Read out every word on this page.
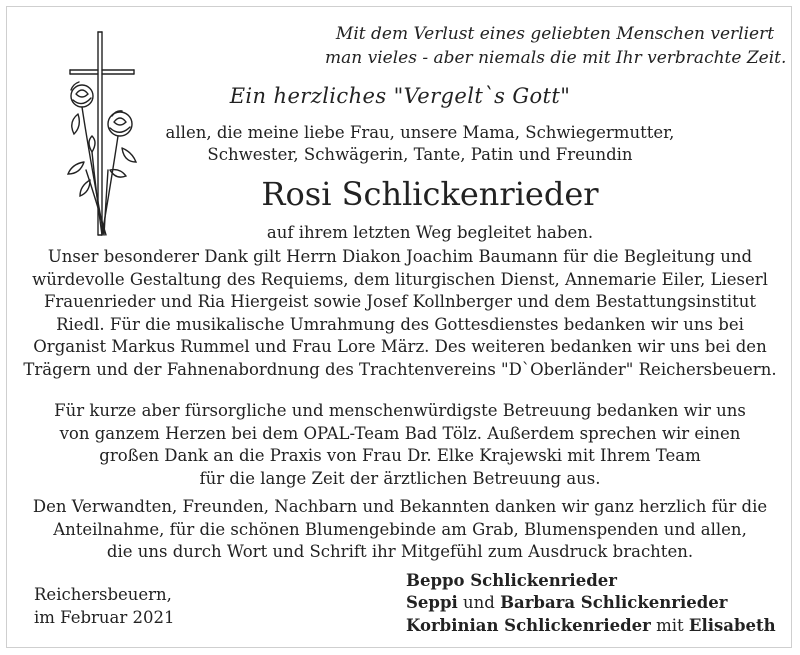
Mit dem Verlust eines geliebten Menschen verliert
man vieles - aber niemals die mit Ihr verbrachte Zeit.
Ein herzliches "Vergelt`s Gott"
allen, die meine liebe Frau, unsere Mama, Schwiegermutter,
Schwester, Schwägerin, Tante, Patin und Freundin
Rosi Schlickenrieder
auf ihrem letzten Weg begleitet haben.
Unser besonderer Dank gilt Herrn Diakon Joachim Baumann für die Begleitung und
würdevolle Gestaltung des Requiems, dem liturgischen Dienst, Annemarie Eiler, Lieserl
Frauenrieder und Ria Hiergeist sowie Josef Kollnberger und dem Bestattungsinstitut
Riedl. Für die musikalische Umrahmung des Gottesdienstes bedanken wir uns bei
Organist Markus Rummel und Frau Lore März. Des weiteren bedanken wir uns bei den
Trägern und der Fahnenabordnung des Trachtenvereins "D`Oberländer" Reichersbeuern.
Für kurze aber fürsorgliche und menschenwürdigste Betreuung bedanken wir uns
von ganzem Herzen bei dem OPAL-Team Bad Tölz. Außerdem sprechen wir einen
großen Dank an die Praxis von Frau Dr. Elke Krajewski mit Ihrem Team
für die lange Zeit der ärztlichen Betreuung aus.
Den Verwandten, Freunden, Nachbarn und Bekannten danken wir ganz herzlich für die
Anteilnahme, für die schönen Blumengebinde am Grab, Blumenspenden und allen,
die uns durch Wort und Schrift ihr Mitgefühl zum Ausdruck brachten.
Reichersbeuern,
im Februar 2021
Beppo Schlickenrieder
Seppi und Barbara Schlickenrieder
Korbinian Schlickenrieder mit Elisabeth
